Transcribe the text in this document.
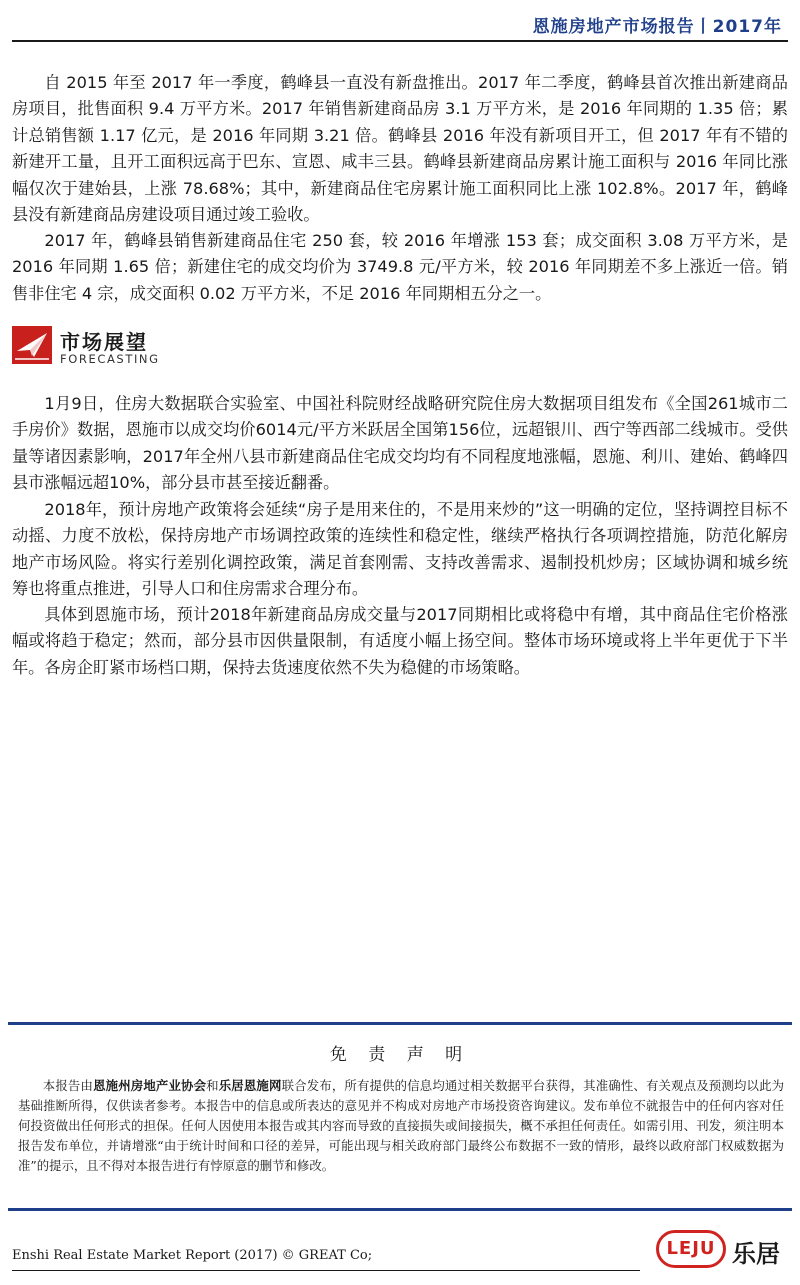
恩施房地产市场报告丨2017年

自 2015 年至 2017 年一季度，鹤峰县一直没有新盘推出。2017 年二季度，鹤峰县首次推出新建商品房项目，批售面积 9.4 万平方米。2017 年销售新建商品房 3.1 万平方米，是 2016 年同期的 1.35 倍；累计总销售额 1.17 亿元，是 2016 年同期 3.21 倍。鹤峰县 2016 年没有新项目开工，但 2017 年有不错的新建开工量，且开工面积远高于巴东、宣恩、咸丰三县。鹤峰县新建商品房累计施工面积与 2016 年同比涨幅仅次于建始县，上涨 78.68%；其中，新建商品住宅房累计施工面积同比上涨 102.8%。2017 年，鹤峰县没有新建商品房建设项目通过竣工验收。

2017 年，鹤峰县销售新建商品住宅 250 套，较 2016 年增涨 153 套；成交面积 3.08 万平方米，是 2016 年同期 1.65 倍；新建住宅的成交均价为 3749.8 元/平方米，较 2016 年同期差不多上涨近一倍。销售非住宅 4 宗，成交面积 0.02 万平方米，不足 2016 年同期相五分之一。

市场展望
FORECASTING

1月9日，住房大数据联合实验室、中国社科院财经战略研究院住房大数据项目组发布《全国261城市二手房价》数据，恩施市以成交均价6014元/平方米跃居全国第156位，远超银川、西宁等西部二线城市。受供量等诸因素影响，2017年全州八县市新建商品住宅成交均均有不同程度地涨幅，恩施、利川、建始、鹤峰四县市涨幅远超10%，部分县市甚至接近翻番。

2018年，预计房地产政策将会延续“房子是用来住的，不是用来炒的”这一明确的定位，坚持调控目标不动摇、力度不放松，保持房地产市场调控政策的连续性和稳定性，继续严格执行各项调控措施，防范化解房地产市场风险。将实行差别化调控政策，满足首套刚需、支持改善需求、遏制投机炒房；区域协调和城乡统筹也将重点推进，引导人口和住房需求合理分布。

具体到恩施市场，预计2018年新建商品房成交量与2017同期相比或将稳中有增，其中商品住宅价格涨幅或将趋于稳定；然而，部分县市因供量限制，有适度小幅上扬空间。整体市场环境或将上半年更优于下半年。各房企盯紧市场档口期，保持去货速度依然不失为稳健的市场策略。

免 责 声 明

本报告由恩施州房地产业协会和乐居恩施网联合发布，所有提供的信息均通过相关数据平台获得，其准确性、有关观点及预测均以此为基础推断所得，仅供读者参考。本报告中的信息或所表达的意见并不构成对房地产市场投资咨询建议。发布单位不就报告中的任何内容对任何投资做出任何形式的担保。任何人因使用本报告或其内容而导致的直接损失或间接损失，概不承担任何责任。如需引用、刊发，须注明本报告发布单位，并请增涨“由于统计时间和口径的差异，可能出现与相关政府部门最终公布数据不一致的情形，最终以政府部门权威数据为准”的提示，且不得对本报告进行有悖原意的删节和修改。

Enshi Real Estate Market Report (2017) © GREAT Co;	LEJU 乐居
